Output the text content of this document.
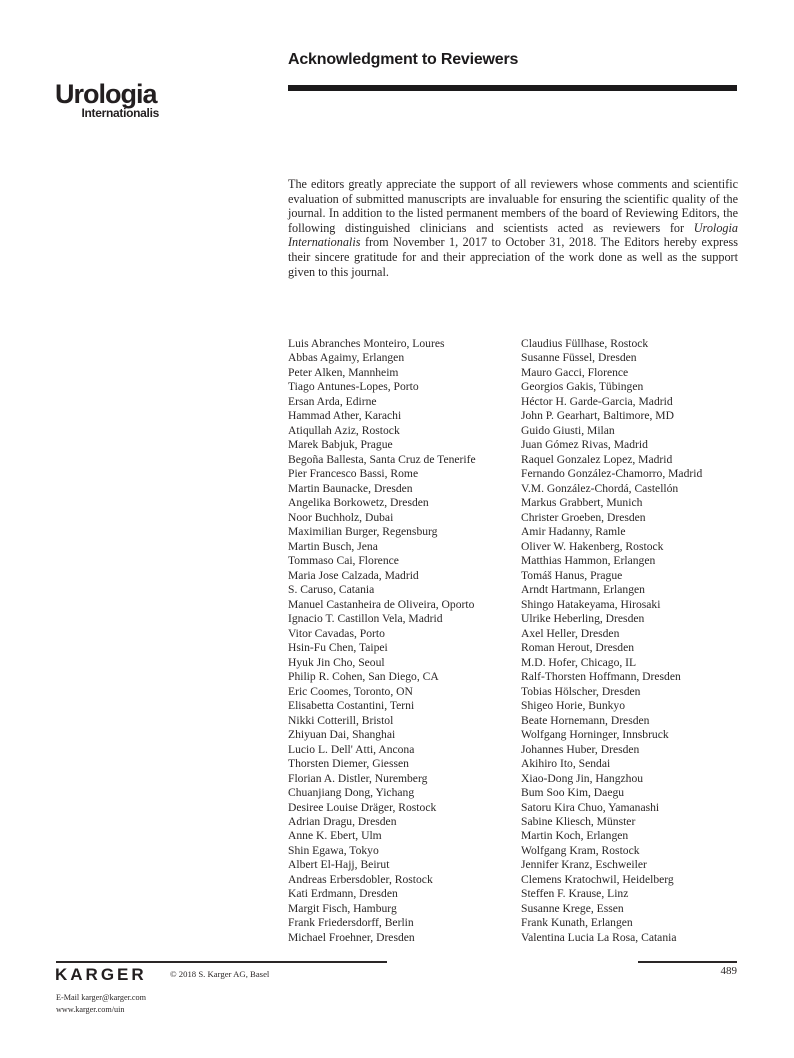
Acknowledgment to Reviewers
Urologia
Internationalis

The editors greatly appreciate the support of all reviewers whose comments and scientific evaluation of submitted manuscripts are invaluable for ensuring the scientific quality of the journal. In addition to the listed permanent members of the board of Reviewing Editors, the following distinguished clinicians and scientists acted as reviewers for Urologia Internationalis from November 1, 2017 to October 31, 2018. The Editors hereby express their sincere gratitude for and their appreciation of the work done as well as the support given to this journal.

Luis Abranches Monteiro, Loures
Abbas Agaimy, Erlangen
Peter Alken, Mannheim
Tiago Antunes-Lopes, Porto
Ersan Arda, Edirne
Hammad Ather, Karachi
Atiqullah Aziz, Rostock
Marek Babjuk, Prague
Begoña Ballesta, Santa Cruz de Tenerife
Pier Francesco Bassi, Rome
Martin Baunacke, Dresden
Angelika Borkowetz, Dresden
Noor Buchholz, Dubai
Maximilian Burger, Regensburg
Martin Busch, Jena
Tommaso Cai, Florence
Maria Jose Calzada, Madrid
S. Caruso, Catania
Manuel Castanheira de Oliveira, Oporto
Ignacio T. Castillon Vela, Madrid
Vitor Cavadas, Porto
Hsin-Fu Chen, Taipei
Hyuk Jin Cho, Seoul
Philip R. Cohen, San Diego, CA
Eric Coomes, Toronto, ON
Elisabetta Costantini, Terni
Nikki Cotterill, Bristol
Zhiyuan Dai, Shanghai
Lucio L. Dell' Atti, Ancona
Thorsten Diemer, Giessen
Florian A. Distler, Nuremberg
Chuanjiang Dong, Yichang
Desiree Louise Dräger, Rostock
Adrian Dragu, Dresden
Anne K. Ebert, Ulm
Shin Egawa, Tokyo
Albert El-Hajj, Beirut
Andreas Erbersdobler, Rostock
Kati Erdmann, Dresden
Margit Fisch, Hamburg
Frank Friedersdorff, Berlin
Michael Froehner, Dresden
Claudius Füllhase, Rostock
Susanne Füssel, Dresden
Mauro Gacci, Florence
Georgios Gakis, Tübingen
Héctor H. Garde-Garcia, Madrid
John P. Gearhart, Baltimore, MD
Guido Giusti, Milan
Juan Gómez Rivas, Madrid
Raquel Gonzalez Lopez, Madrid
Fernando González-Chamorro, Madrid
V.M. González-Chordá, Castellón
Markus Grabbert, Munich
Christer Groeben, Dresden
Amir Hadanny, Ramle
Oliver W. Hakenberg, Rostock
Matthias Hammon, Erlangen
Tomáš Hanus, Prague
Arndt Hartmann, Erlangen
Shingo Hatakeyama, Hirosaki
Ulrike Heberling, Dresden
Axel Heller, Dresden
Roman Herout, Dresden
M.D. Hofer, Chicago, IL
Ralf-Thorsten Hoffmann, Dresden
Tobias Hölscher, Dresden
Shigeo Horie, Bunkyo
Beate Hornemann, Dresden
Wolfgang Horninger, Innsbruck
Johannes Huber, Dresden
Akihiro Ito, Sendai
Xiao-Dong Jin, Hangzhou
Bum Soo Kim, Daegu
Satoru Kira Chuo, Yamanashi
Sabine Kliesch, Münster
Martin Koch, Erlangen
Wolfgang Kram, Rostock
Jennifer Kranz, Eschweiler
Clemens Kratochwil, Heidelberg
Steffen F. Krause, Linz
Susanne Krege, Essen
Frank Kunath, Erlangen
Valentina Lucia La Rosa, Catania
KARGER	© 2018 S. Karger AG, Basel	489
E-Mail karger@karger.com
www.karger.com/uin
